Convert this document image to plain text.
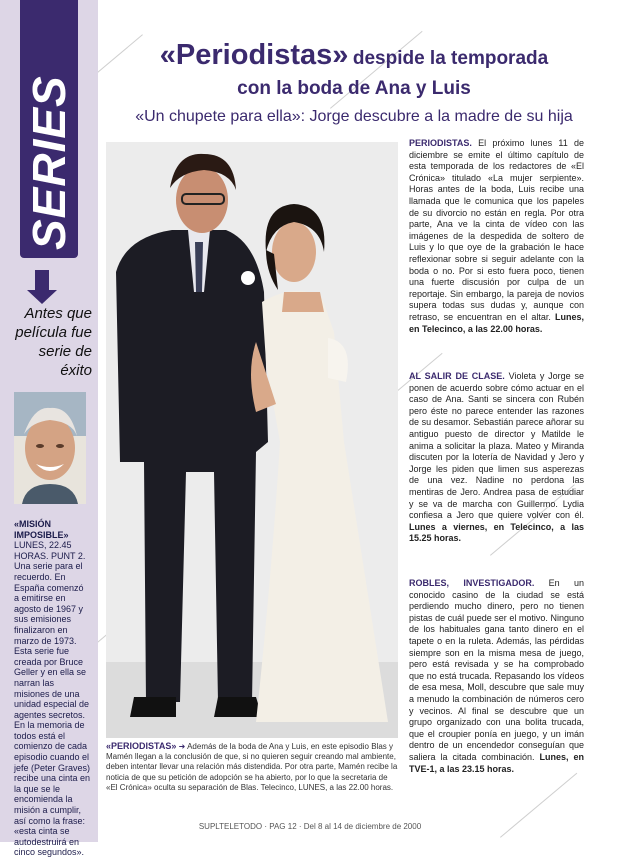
Antes que
película fue
serie de
éxito
«MISIÓN IMPOSIBLE»
LUNES, 22.45 HORAS. PUNT 2.
Una serie para el recuerdo. En España comenzó a emitirse en agosto de 1967 y sus emisiones finalizaron en marzo de 1973. Esta serie fue creada por Bruce Geller y en ella se narran las misiones de una unidad especial de agentes secretos. En la memoria de todos está el comienzo de cada episodio cuando el jefe (Peter Graves) recibe una cinta en la que se le encomienda la misión a cumplir, así como la frase: «esta cinta se autodestruirá en cinco segundos».
«Periodistas» despide la temporada
con la boda de Ana y Luis
«Un chupete para ella»: Jorge descubre a la madre de su hija
«PERIODISTAS» ➜ Además de la boda de Ana y Luis, en este episodio Blas y Mamén llegan a la conclusión de que, si no quieren seguir creando mal ambiente, deben intentar llevar una relación más distendida. Por otra parte, Mamén recibe la noticia de que su petición de adopción se ha abierto, por lo que la secretaria de «El Crónica» oculta su separación de Blas. Telecinco, LUNES, a las 22.00 horas.
PERIODISTAS. El próximo lunes 11 de diciembre se emite el último capítulo de esta temporada de los redactores de «El Crónica» titulado «La mujer serpiente». Horas antes de la boda, Luis recibe una llamada que le comunica que los papeles de su divorcio no están en regla. Por otra parte, Ana ve la cinta de vídeo con las imágenes de la despedida de soltero de Luis y lo que oye de la grabación le hace reflexionar sobre si seguir adelante con la boda o no. Por si esto fuera poco, tienen una fuerte discusión por culpa de un reportaje. Sin embargo, la pareja de novios supera todas sus dudas y, aunque con retraso, se encuentran en el altar. Lunes, en Telecinco, a las 22.00 horas.
AL SALIR DE CLASE. Violeta y Jorge se ponen de acuerdo sobre cómo actuar en el caso de Ana. Santi se sincera con Rubén pero éste no parece entender las razones de su desamor. Sebastián parece añorar su antiguo puesto de director y Matilde le anima a solicitar la plaza. Mateo y Miranda discuten por la lotería de Navidad y Jero y Jorge les piden que limen sus asperezas de una vez. Nadine no perdona las mentiras de Jero. Andrea pasa de estudiar y se va de marcha con Guillermo. Lydia confiesa a Jero que quiere volver con él. Lunes a viernes, en Telecinco, a las 15.25 horas.
ROBLES, INVESTIGADOR. En un conocido casino de la ciudad se está perdiendo mucho dinero, pero no tienen pistas de cuál puede ser el motivo. Ninguno de los habituales gana tanto dinero en el tapete o en la ruleta. Además, las pérdidas siempre son en la misma mesa de juego, pero está revisada y se ha comprobado que no está trucada. Repasando los vídeos de esa mesa, Moll, descubre que sale muy a menudo la combinación de números cero y vecinos. Al final se descubre que un grupo organizado con una bolita trucada, que el croupier ponía en juego, y un imán dentro de un encendedor conseguían que saliera la citada combinación. Lunes, en TVE-1, a las 23.15 horas.
SUPLTELETODO · PAG 12 · Del 8 al 14 de diciembre de 2000
